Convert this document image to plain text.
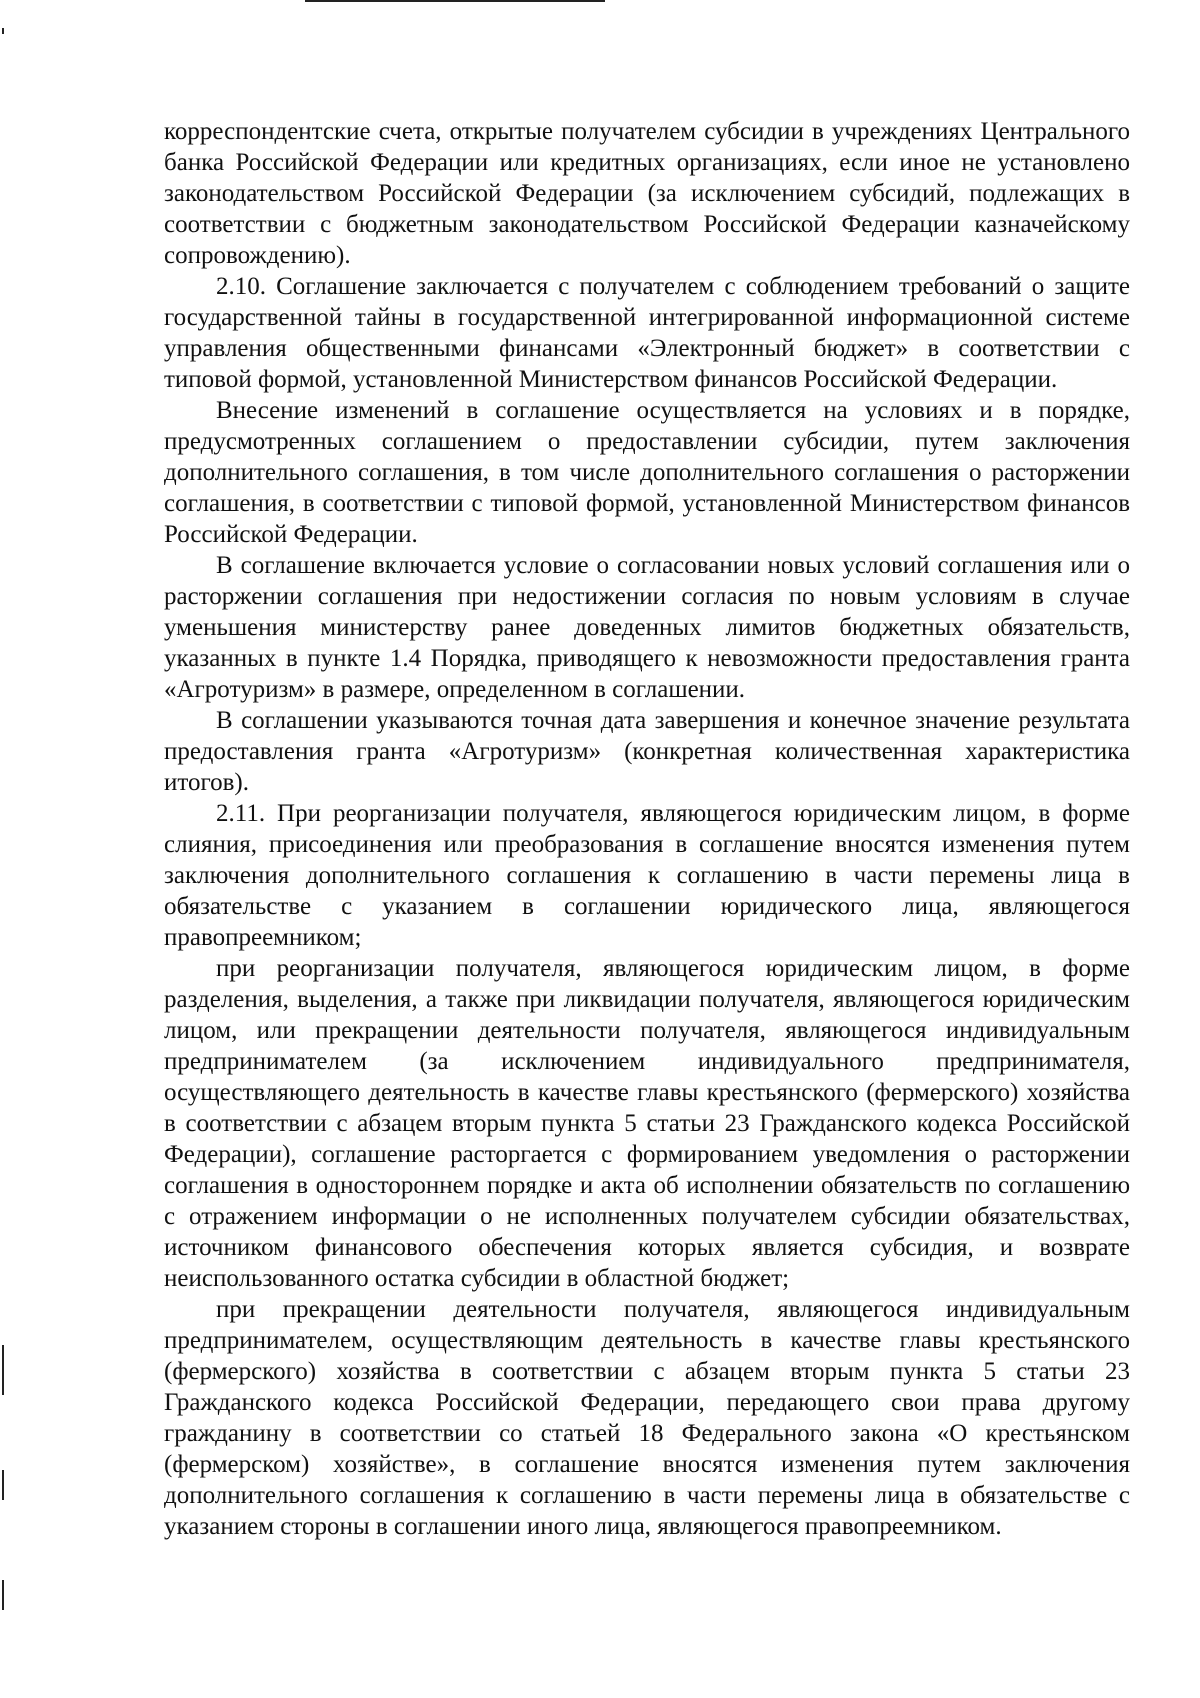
корреспондентские счета, открытые получателем субсидии в учреждениях Центрального банка Российской Федерации или кредитных организациях, если иное не установлено законодательством Российской Федерации (за исключением субсидий, подлежащих в соответствии с бюджетным законодательством Российской Федерации казначейскому сопровождению).

2.10. Соглашение заключается с получателем с соблюдением требований о защите государственной тайны в государственной интегрированной информационной системе управления общественными финансами «Электронный бюджет» в соответствии с типовой формой, установленной Министерством финансов Российской Федерации.

Внесение изменений в соглашение осуществляется на условиях и в порядке, предусмотренных соглашением о предоставлении субсидии, путем заключения дополнительного соглашения, в том числе дополнительного соглашения о расторжении соглашения, в соответствии с типовой формой, установленной Министерством финансов Российской Федерации.

В соглашение включается условие о согласовании новых условий соглашения или о расторжении соглашения при недостижении согласия по новым условиям в случае уменьшения министерству ранее доведенных лимитов бюджетных обязательств, указанных в пункте 1.4 Порядка, приводящего к невозможности предоставления гранта «Агротуризм» в размере, определенном в соглашении.

В соглашении указываются точная дата завершения и конечное значение результата предоставления гранта «Агротуризм» (конкретная количественная характеристика итогов).

2.11. При реорганизации получателя, являющегося юридическим лицом, в форме слияния, присоединения или преобразования в соглашение вносятся изменения путем заключения дополнительного соглашения к соглашению в части перемены лица в обязательстве с указанием в соглашении юридического лица, являющегося правопреемником;

при реорганизации получателя, являющегося юридическим лицом, в форме разделения, выделения, а также при ликвидации получателя, являющегося юридическим лицом, или прекращении деятельности получателя, являющегося индивидуальным предпринимателем (за исключением индивидуального предпринимателя, осуществляющего деятельность в качестве главы крестьянского (фермерского) хозяйства в соответствии с абзацем вторым пункта 5 статьи 23 Гражданского кодекса Российской Федерации), соглашение расторгается с формированием уведомления о расторжении соглашения в одностороннем порядке и акта об исполнении обязательств по соглашению с отражением информации о не исполненных получателем субсидии обязательствах, источником финансового обеспечения которых является субсидия, и возврате неиспользованного остатка субсидии в областной бюджет;

при прекращении деятельности получателя, являющегося индивидуальным предпринимателем, осуществляющим деятельность в качестве главы крестьянского (фермерского) хозяйства в соответствии с абзацем вторым пункта 5 статьи 23 Гражданского кодекса Российской Федерации, передающего свои права другому гражданину в соответствии со статьей 18 Федерального закона «О крестьянском (фермерском) хозяйстве», в соглашение вносятся изменения путем заключения дополнительного соглашения к соглашению в части перемены лица в обязательстве с указанием стороны в соглашении иного лица, являющегося правопреемником.
